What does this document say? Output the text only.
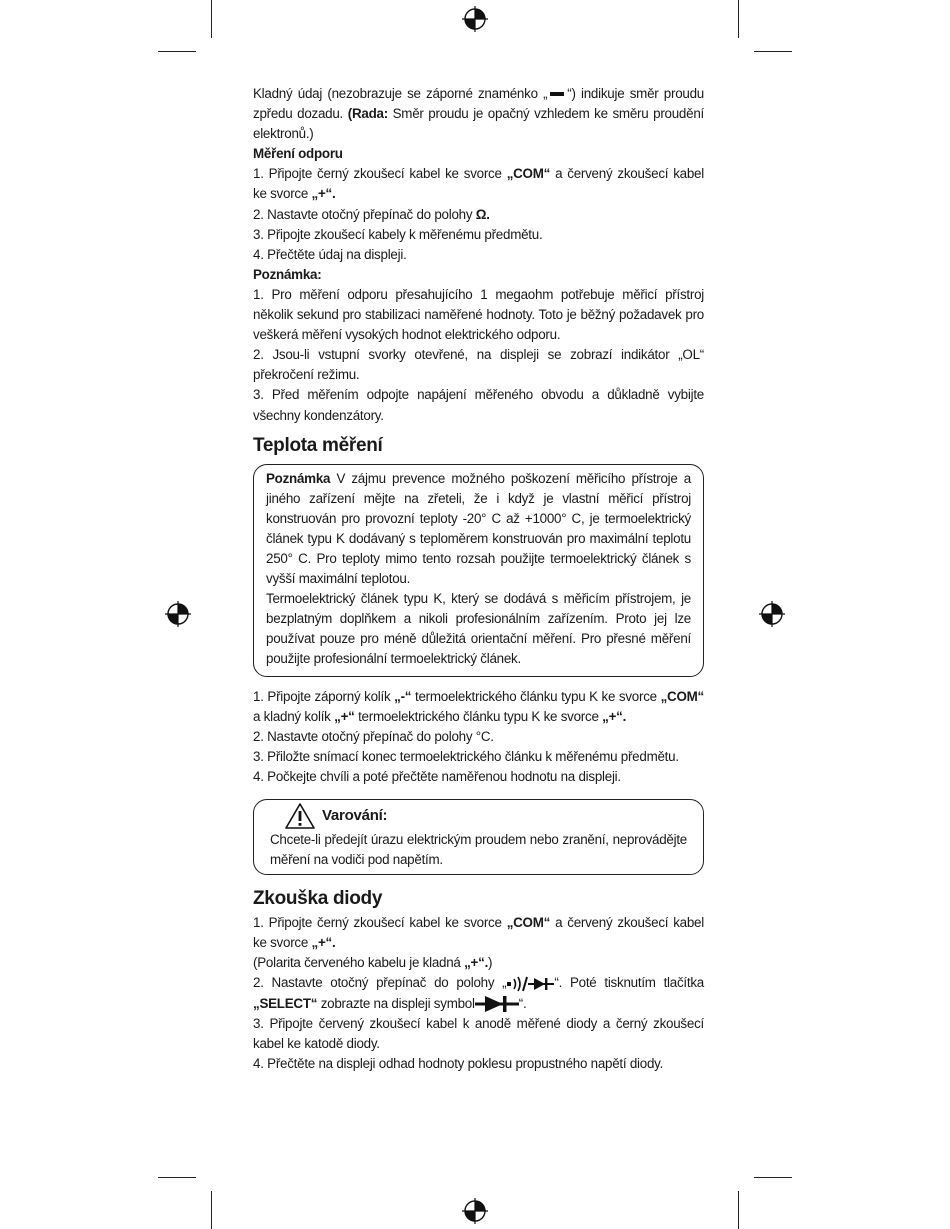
Kladný údaj (nezobrazuje se záporné znaménko „ “) indikuje směr proudu zpředu dozadu. (Rada: Směr proudu je opačný vzhledem ke směru proudění elektronů.)

Měření odporu

1. Připojte černý zkoušecí kabel ke svorce „COM“ a červený zkoušecí kabel ke svorce „+“.

2. Nastavte otočný přepínač do polohy Ω.

3. Připojte zkoušecí kabely k měřenému předmětu.

4. Přečtěte údaj na displeji.

Poznámka:

1. Pro měření odporu přesahujícího 1 megaohm potřebuje měřicí přístroj několik sekund pro stabilizaci naměřené hodnoty. Toto je běžný požadavek pro veškerá měření vysokých hodnot elektrického odporu.

2. Jsou-li vstupní svorky otevřené, na displeji se zobrazí indikátor „OL“ překročení režimu.

3. Před měřením odpojte napájení měřeného obvodu a důkladně vybijte všechny kondenzátory.

Teplota měření

Poznámka V zájmu prevence možného poškození měřicího přístroje a jiného zařízení mějte na zřeteli, že i když je vlastní měřicí přístroj konstruován pro provozní teploty -20° C až +1000° C, je termoelektrický článek typu K dodávaný s teploměrem konstruován pro maximální teplotu 250° C. Pro teploty mimo tento rozsah použijte termoelektrický článek s vyšší maximální teplotou.

Termoelektrický článek typu K, který se dodává s měřicím přístrojem, je bezplatným doplňkem a nikoli profesionálním zařízením. Proto jej lze používat pouze pro méně důležitá orientační měření. Pro přesné měření použijte profesionální termoelektrický článek.

1. Připojte záporný kolík „-“ termoelektrického článku typu K ke svorce „COM“ a kladný kolík „+“ termoelektrického článku typu K ke svorce „+“.

2. Nastavte otočný přepínač do polohy °C.

3. Přiložte snímací konec termoelektrického článku k měřenému předmětu.

4. Počkejte chvíli a poté přečtěte naměřenou hodnotu na displeji.

Varování:

Chcete-li předejít úrazu elektrickým proudem nebo zranění, neprovádějte měření na vodiči pod napětím.

Zkouška diody

1. Připojte černý zkoušecí kabel ke svorce „COM“ a červený zkoušecí kabel ke svorce „+“.

(Polarita červeného kabelu je kladná „+“.)

2. Nastavte otočný přepínač do polohy „	“. Poté tisknutím tlačítka „SELECT“ zobrazte na displeji symbol	“.

3. Připojte červený zkoušecí kabel k anodě měřené diody a černý zkoušecí kabel ke katodě diody.

4. Přečtěte na displeji odhad hodnoty poklesu propustného napětí diody.
